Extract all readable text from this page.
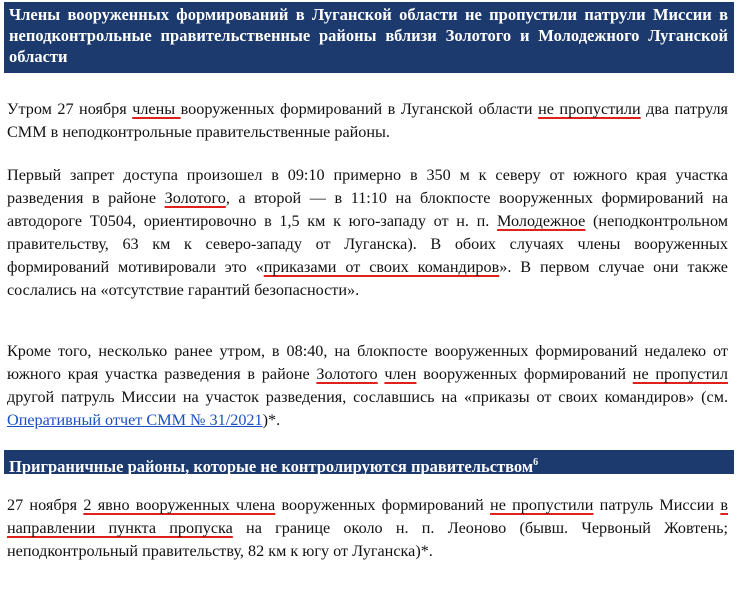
Члены вооруженных формирований в Луганской области не пропустили патрули Миссии в неподконтрольные правительственные районы вблизи Золотого и Молодежного Луганской области
Утром 27 ноября члены вооруженных формирований в Луганской области не пропустили два патруля СММ в неподконтрольные правительственные районы.
Первый запрет доступа произошел в 09:10 примерно в 350 м к северу от южного края участка разведения в районе Золотого, а второй — в 11:10 на блокпосте вооруженных формирований на автодороге Т0504, ориентировочно в 1,5 км к юго-западу от н. п. Молодежное (неподконтрольном правительству, 63 км к северо-западу от Луганска). В обоих случаях члены вооруженных формирований мотивировали это «приказами от своих командиров». В первом случае они также сослались на «отсутствие гарантий безопасности».
Кроме того, несколько ранее утром, в 08:40, на блокпосте вооруженных формирований недалеко от южного края участка разведения в районе Золотого член вооруженных формирований не пропустил другой патруль Миссии на участок разведения, сославшись на «приказы от своих командиров» (см. Оперативный отчет СММ № 31/2021)*.
Приграничные районы, которые не контролируются правительством$^6$
27 ноября 2 явно вооруженных члена вооруженных формирований не пропустили патруль Миссии в направлении пункта пропуска на границе около н. п. Леоново (бывш. Червоный Жовтень; неподконтрольный правительству, 82 км к югу от Луганска)*.
